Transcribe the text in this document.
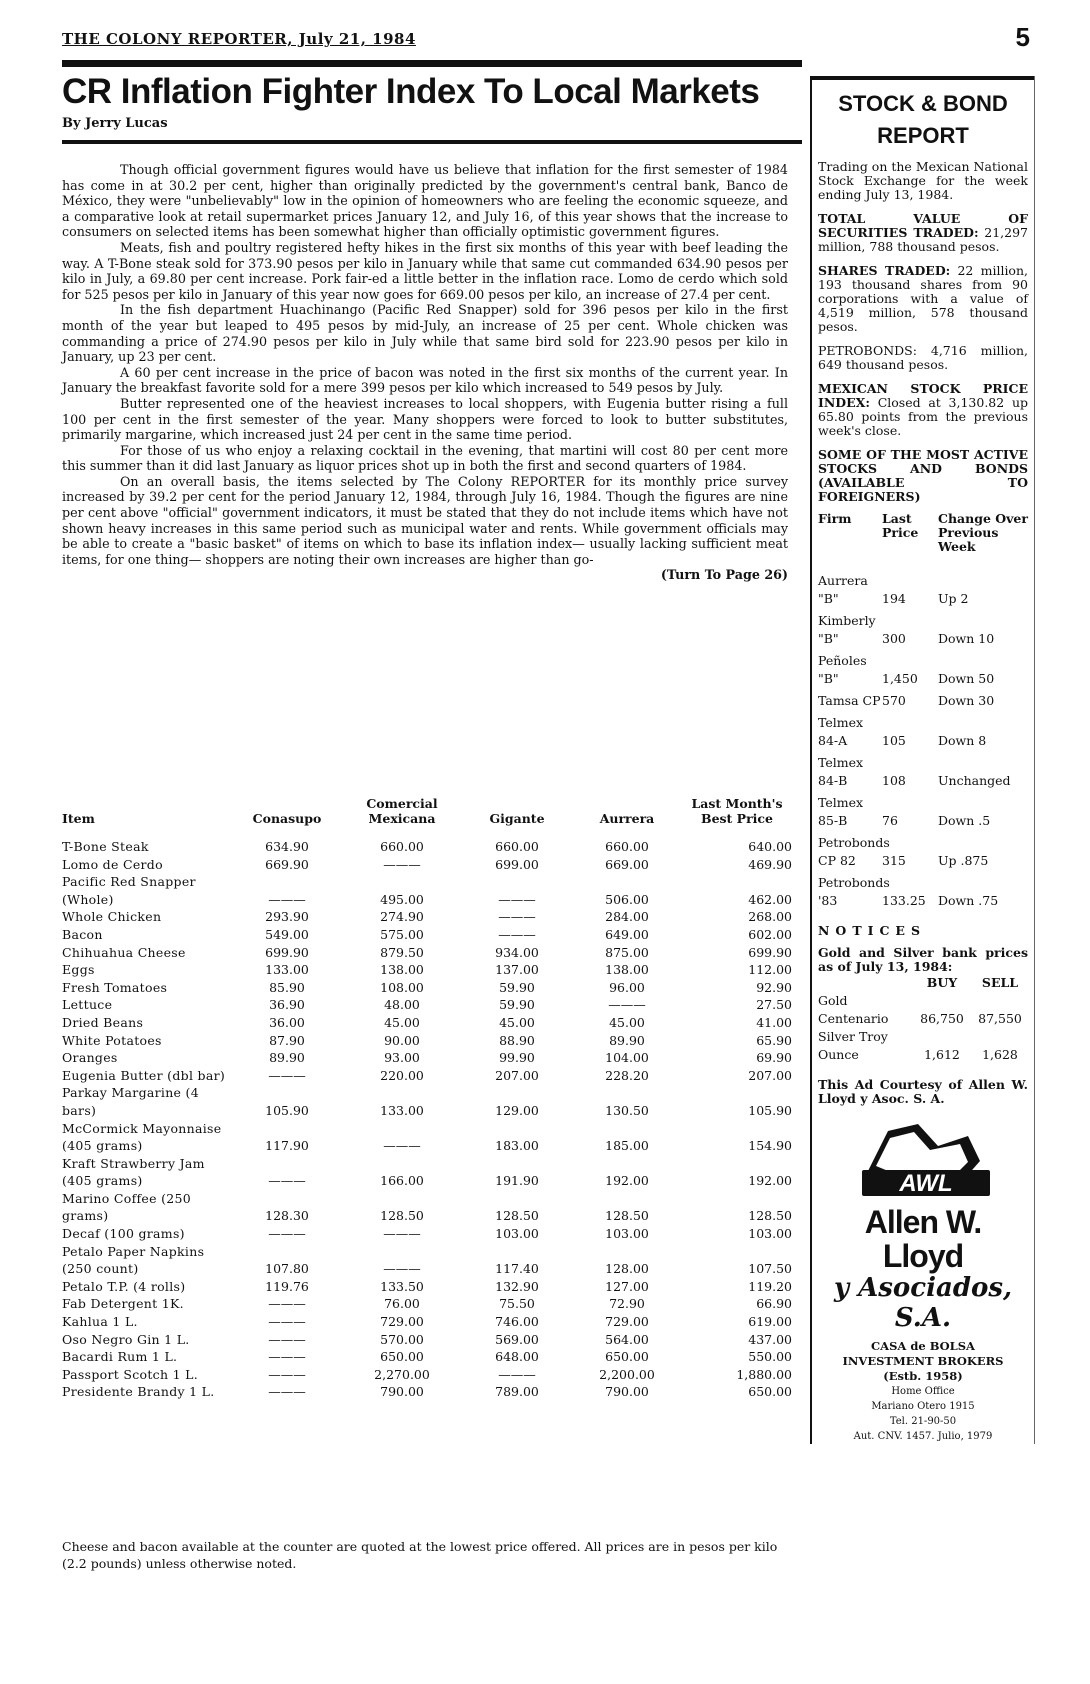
THE COLONY REPORTER, July 21, 1984	5
CR Inflation Fighter Index To Local Markets
By Jerry Lucas

Though official government figures would have us believe that inflation for the first semester of 1984 has come in at 30.2 per cent, higher than originally predicted by the government's central bank, Banco de México, they were "unbelievably" low in the opinion of homeowners who are feeling the economic squeeze, and a comparative look at retail supermarket prices January 12, and July 16, of this year shows that the increase to consumers on selected items has been somewhat higher than officially optimistic government figures.

Meats, fish and poultry registered hefty hikes in the first six months of this year with beef leading the way. A T-Bone steak sold for 373.90 pesos per kilo in January while that same cut commanded 634.90 pesos per kilo in July, a 69.80 per cent increase. Pork fair-ed a little better in the inflation race. Lomo de cerdo which sold for 525 pesos per kilo in January of this year now goes for 669.00 pesos per kilo, an increase of 27.4 per cent.

In the fish department Huachinango (Pacific Red Snapper) sold for 396 pesos per kilo in the first month of the year but leaped to 495 pesos by mid-July, an increase of 25 per cent. Whole chicken was commanding a price of 274.90 pesos per kilo in July while that same bird sold for 223.90 pesos per kilo in January, up 23 per cent.

A 60 per cent increase in the price of bacon was noted in the first six months of the current year. In January the breakfast favorite sold for a mere 399 pesos per kilo which increased to 549 pesos by July.

Butter represented one of the heaviest increases to local shoppers, with Eugenia butter rising a full 100 per cent in the first semester of the year. Many shoppers were forced to look to butter substitutes, primarily margarine, which increased just 24 per cent in the same time period.

For those of us who enjoy a relaxing cocktail in the evening, that martini will cost 80 per cent more this summer than it did last January as liquor prices shot up in both the first and second quarters of 1984.

On an overall basis, the items selected by The Colony REPORTER for its monthly price survey increased by 39.2 per cent for the period January 12, 1984, through July 16, 1984. Though the figures are nine per cent above "official" government indicators, it must be stated that they do not include items which have not shown heavy increases in this same period such as municipal water and rents. While government officials may be able to create a "basic basket" of items on which to base its inflation index— usually lacking sufficient meat items, for one thing— shoppers are noting their own increases are higher than go-

(Turn To Page 26)
Item	Conasupo	Comercial Mexicana	Gigante	Aurrera	Last Month's Best Price
T-Bone Steak	634.90	660.00	660.00	660.00	640.00
Lomo de Cerdo	669.90	———	699.00	669.00	469.90
Pacific Red Snapper (Whole)	———	495.00	———	506.00	462.00
Whole Chicken	293.90	274.90	———	284.00	268.00
Bacon	549.00	575.00	———	649.00	602.00
Chihuahua Cheese	699.90	879.50	934.00	875.00	699.90
Eggs	133.00	138.00	137.00	138.00	112.00
Fresh Tomatoes	85.90	108.00	59.90	96.00	92.90
Lettuce	36.90	48.00	59.90	———	27.50
Dried Beans	36.00	45.00	45.00	45.00	41.00
White Potatoes	87.90	90.00	88.90	89.90	65.90
Oranges	89.90	93.00	99.90	104.00	69.90
Eugenia Butter (dbl bar)	———	220.00	207.00	228.20	207.00
Parkay Margarine (4 bars)	105.90	133.00	129.00	130.50	105.90
McCormick Mayonnaise (405 grams)	117.90	———	183.00	185.00	154.90
Kraft Strawberry Jam (405 grams)	———	166.00	191.90	192.00	192.00
Marino Coffee (250 grams)	128.30	128.50	128.50	128.50	128.50
Decaf (100 grams)	———	———	103.00	103.00	103.00
Petalo Paper Napkins (250 count)	107.80	———	117.40	128.00	107.50
Petalo T.P. (4 rolls)	119.76	133.50	132.90	127.00	119.20
Fab Detergent 1K.	———	76.00	75.50	72.90	66.90
Kahlua 1 L.	———	729.00	746.00	729.00	619.00
Oso Negro Gin 1 L.	———	570.00	569.00	564.00	437.00
Bacardi Rum 1 L.	———	650.00	648.00	650.00	550.00
Passport Scotch 1 L.	———	2,270.00	———	2,200.00	1,880.00
Presidente Brandy 1 L.	———	790.00	789.00	790.00	650.00
Cheese and bacon available at the counter are quoted at the lowest price offered. All prices are in pesos per kilo (2.2 pounds) unless otherwise noted.
STOCK & BOND REPORT

Trading on the Mexican National Stock Exchange for the week ending July 13, 1984.

TOTAL VALUE OF SECURITIES TRADED: 21,297 million, 788 thousand pesos.

SHARES TRADED: 22 million, 193 thousand shares from 90 corporations with a value of 4,519 million, 578 thousand pesos.

PETROBONDS: 4,716 million, 649 thousand pesos.

MEXICAN STOCK PRICE INDEX: Closed at 3,130.82 up 65.80 points from the previous week's close.

SOME OF THE MOST ACTIVE STOCKS AND BONDS (AVAILABLE TO FOREIGNERS)

Firm	Last Price	Change Over Previous Week
Aurrera "B"	194	Up 2
Kimberly "B"	300	Down 10
Peñoles "B"	1,450	Down 50
Tamsa CP	570	Down 30
Telmex 84-A	105	Down 8
Telmex 84-B	108	Unchanged
Telmex 85-B	76	Down .5
Petrobonds CP 82	315	Up .875
Petrobonds '83	133.25	Down .75

NOTICES

Gold and Silver bank prices as of July 13, 1984:

	BUY	SELL
Gold Centenario	86,750	87,550
Silver Troy Ounce	1,612	1,628

This Ad Courtesy of Allen W. Lloyd y Asoc. S. A.

AWL
Allen W. Lloyd
y Asociados, S.A.
CASA de BOLSA
INVESTMENT BROKERS
(Estb. 1958)
Home Office
Mariano Otero 1915
Tel. 21-90-50
Aut. CNV. 1457. Julio, 1979
